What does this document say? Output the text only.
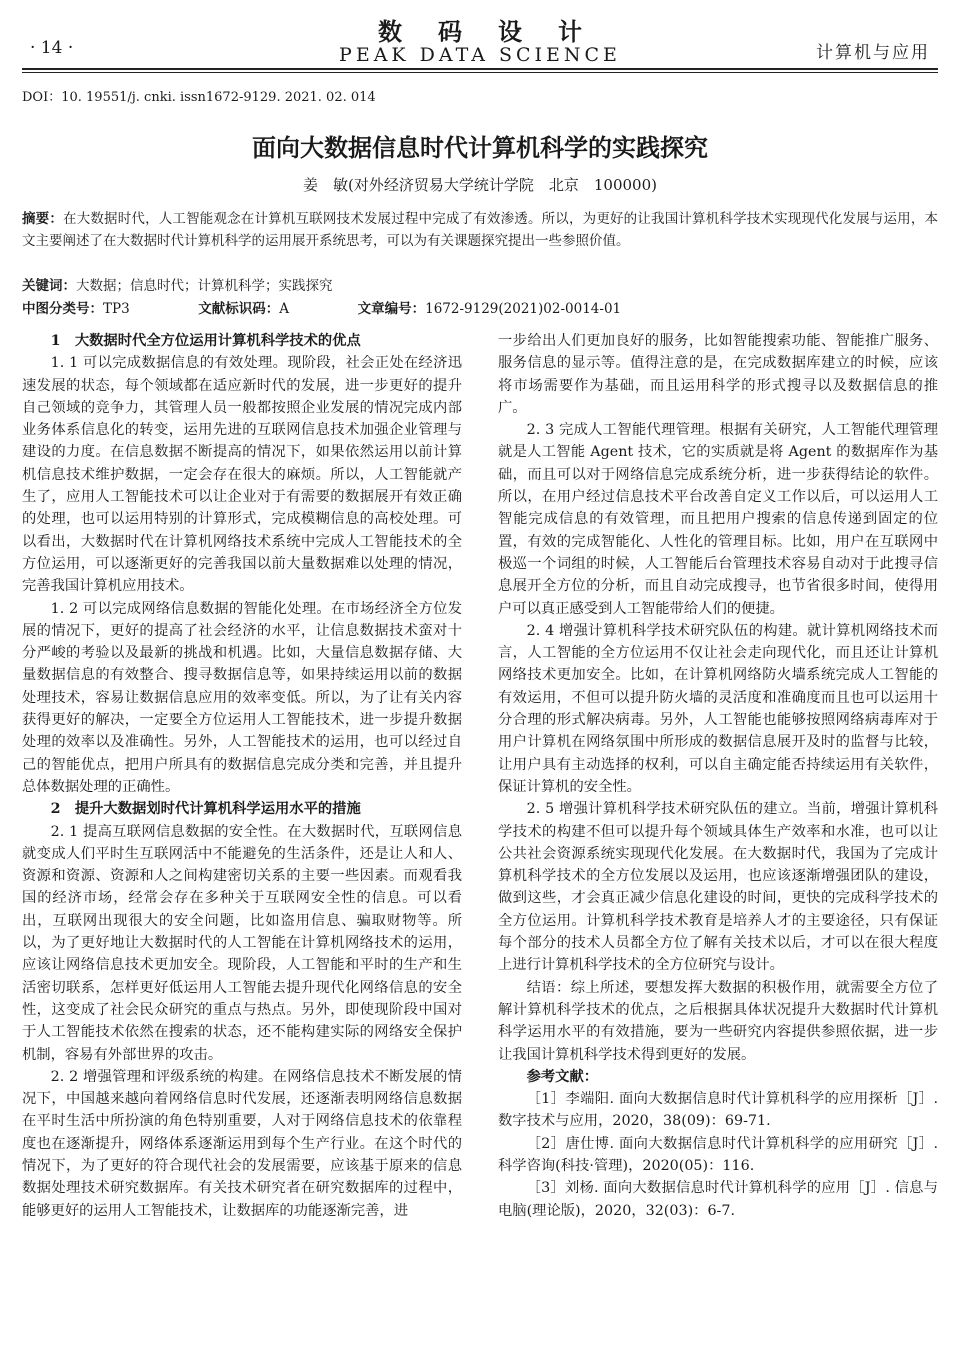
· 14 ·
数码设计
PEAK DATA SCIENCE	计算机与应用
DOI：10. 19551/j. cnki. issn1672-9129. 2021. 02. 014
面向大数据信息时代计算机科学的实践探究
姜　敏(对外经济贸易大学统计学院　北京　100000)
摘要：在大数据时代，人工智能观念在计算机互联网技术发展过程中完成了有效渗透。所以，为更好的让我国计算机科学技术实现现代化发展与运用，本文主要阐述了在大数据时代计算机科学的运用展开系统思考，可以为有关课题探究提出一些参照价值。
关键词：大数据；信息时代；计算机科学；实践探究
中图分类号：TP3	文献标识码：A	文章编号：1672-9129(2021)02-0014-01
1　大数据时代全方位运用计算机科学技术的优点

1. 1 可以完成数据信息的有效处理。现阶段，社会正处在经济迅速发展的状态，每个领域都在适应新时代的发展，进一步更好的提升自己领域的竞争力，其管理人员一般都按照企业发展的情况完成内部业务体系信息化的转变，运用先进的互联网信息技术加强企业管理与建设的力度。在信息数据不断提高的情况下，如果依然运用以前计算机信息技术维护数据，一定会存在很大的麻烦。所以，人工智能就产生了，应用人工智能技术可以让企业对于有需要的数据展开有效正确的处理，也可以运用特别的计算形式，完成模糊信息的高校处理。可以看出，大数据时代在计算机网络技术系统中完成人工智能技术的全方位运用，可以逐渐更好的完善我国以前大量数据难以处理的情况，完善我国计算机应用技术。

1. 2 可以完成网络信息数据的智能化处理。在市场经济全方位发展的情况下，更好的提高了社会经济的水平，让信息数据技术蛮对十分严峻的考验以及最新的挑战和机遇。比如，大量信息数据存储、大量数据信息的有效整合、搜寻数据信息等，如果持续运用以前的数据处理技术，容易让数据信息应用的效率变低。所以，为了让有关内容获得更好的解决，一定要全方位运用人工智能技术，进一步提升数据处理的效率以及准确性。另外，人工智能技术的运用，也可以经过自己的智能优点，把用户所具有的数据信息完成分类和完善，并且提升总体数据处理的正确性。

2　提升大数据划时代计算机科学运用水平的措施

2. 1 提高互联网信息数据的安全性。在大数据时代，互联网信息就变成人们平时生互联网活中不能避免的生活条件，还是让人和人、资源和资源、资源和人之间构建密切关系的主要一些因素。而观看我国的经济市场，经常会存在多种关于互联网安全性的信息。可以看出，互联网出现很大的安全问题，比如盗用信息、骗取财物等。所以，为了更好地让大数据时代的人工智能在计算机网络技术的运用，应该让网络信息技术更加安全。现阶段，人工智能和平时的生产和生活密切联系，怎样更好低运用人工智能去提升现代化网络信息的安全性，这变成了社会民众研究的重点与热点。另外，即使现阶段中国对于人工智能技术依然在搜索的状态，还不能构建实际的网络安全保护机制，容易有外部世界的攻击。

2. 2 增强管理和评级系统的构建。在网络信息技术不断发展的情况下，中国越来越向着网络信息时代发展，还逐渐表明网络信息数据在平时生活中所扮演的角色特别重要，人对于网络信息技术的依靠程度也在逐渐提升，网络体系逐渐运用到每个生产行业。在这个时代的情况下，为了更好的符合现代社会的发展需要，应该基于原来的信息数据处理技术研究数据库。有关技术研究者在研究数据库的过程中，能够更好的运用人工智能技术，让数据库的功能逐渐完善，进

一步给出人们更加良好的服务，比如智能搜索功能、智能推广服务、服务信息的显示等。值得注意的是，在完成数据库建立的时候，应该将市场需要作为基础，而且运用科学的形式搜寻以及数据信息的推广。

2. 3 完成人工智能代理管理。根据有关研究，人工智能代理管理就是人工智能 Agent 技术，它的实质就是将 Agent 的数据库作为基础，而且可以对于网络信息完成系统分析，进一步获得结论的软件。所以，在用户经过信息技术平台改善自定义工作以后，可以运用人工智能完成信息的有效管理，而且把用户搜索的信息传递到固定的位置，有效的完成智能化、人性化的管理目标。比如，用户在互联网中极巡一个词组的时候，人工智能后台管理技术容易自动对于此搜寻信息展开全方位的分析，而且自动完成搜寻，也节省很多时间，使得用户可以真正感受到人工智能带给人们的便捷。

2. 4 增强计算机科学技术研究队伍的构建。就计算机网络技术而言，人工智能的全方位运用不仅让社会走向现代化，而且还让计算机网络技术更加安全。比如，在计算机网络防火墙系统完成人工智能的有效运用，不但可以提升防火墙的灵活度和准确度而且也可以运用十分合理的形式解决病毒。另外，人工智能也能够按照网络病毒库对于用户计算机在网络氛围中所形成的数据信息展开及时的监督与比较，让用户具有主动选择的权利，可以自主确定能否持续运用有关软件，保证计算机的安全性。

2. 5 增强计算机科学技术研究队伍的建立。当前，增强计算机科学技术的构建不但可以提升每个领域具体生产效率和水准，也可以让公共社会资源系统实现现代化发展。在大数据时代，我国为了完成计算机科学技术的全方位发展以及运用，也应该逐渐增强团队的建设，做到这些，才会真正减少信息化建设的时间，更快的完成科学技术的全方位运用。计算机科学技术教育是培养人才的主要途径，只有保证每个部分的技术人员都全方位了解有关技术以后，才可以在很大程度上进行计算机科学技术的全方位研究与设计。

结语：综上所述，要想发挥大数据的积极作用，就需要全方位了解计算机科学技术的优点，之后根据具体状况提升大数据时代计算机科学运用水平的有效措施，要为一些研究内容提供参照依据，进一步让我国计算机科学技术得到更好的发展。

参考文献：

［1］李端阳. 面向大数据信息时代计算机科学的应用探析［J］. 数字技术与应用，2020，38(09)：69-71.

［2］唐仕博. 面向大数据信息时代计算机科学的应用研究［J］. 科学咨询(科技·管理)，2020(05)：116.

［3］刘杨. 面向大数据信息时代计算机科学的应用［J］. 信息与电脑(理论版)，2020，32(03)：6-7.
